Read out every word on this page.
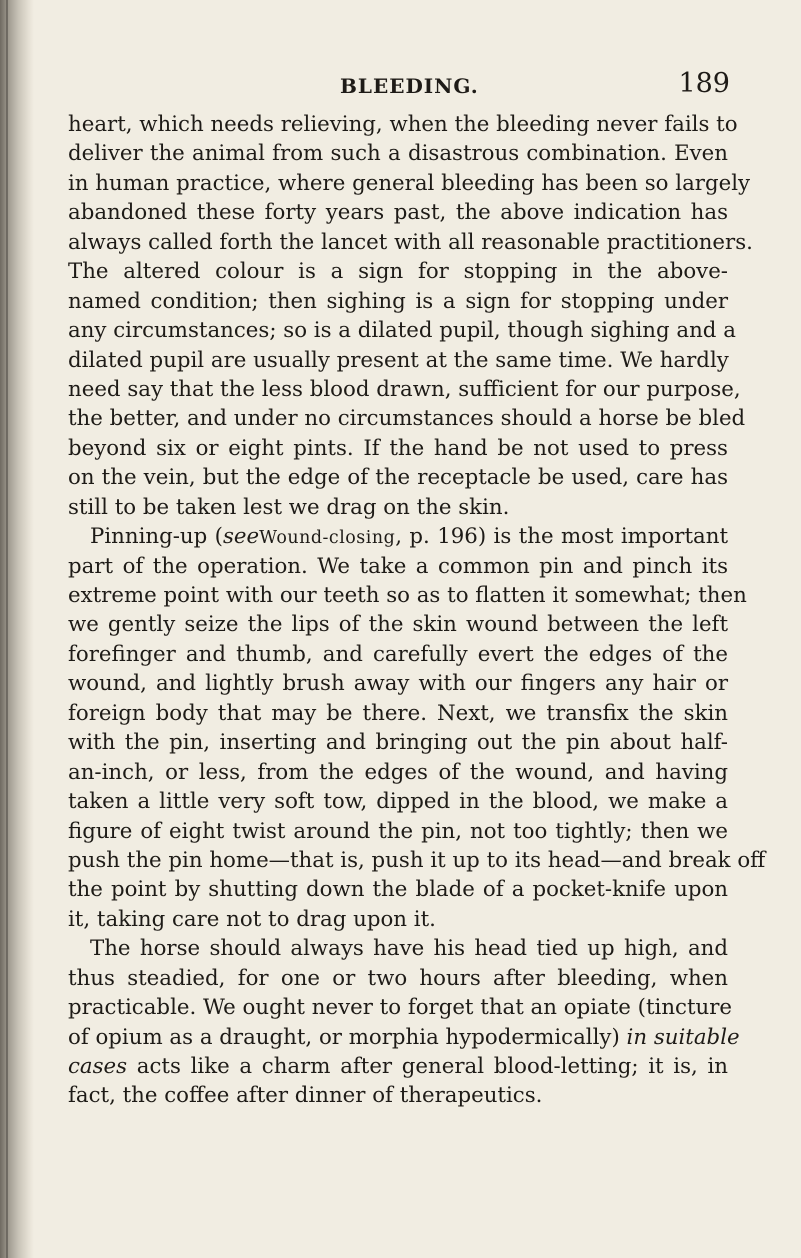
BLEEDING.	189
heart, which needs relieving, when the bleeding never fails to
deliver the animal from such a disastrous combination. Even
in human practice, where general bleeding has been so largely
abandoned these forty years past, the above indication has
always called forth the lancet with all reasonable practitioners.
The altered colour is a sign for stopping in the above-
named condition; then sighing is a sign for stopping under
any circumstances; so is a dilated pupil, though sighing and a
dilated pupil are usually present at the same time. We hardly
need say that the less blood drawn, sufficient for our purpose,
the better, and under no circumstances should a horse be bled
beyond six or eight pints. If the hand be not used to press
on the vein, but the edge of the receptacle be used, care has
still to be taken lest we drag on the skin.
Pinning-up (seeWound-closing, p. 196) is the most important
part of the operation. We take a common pin and pinch its
extreme point with our teeth so as to flatten it somewhat; then
we gently seize the lips of the skin wound between the left
forefinger and thumb, and carefully evert the edges of the
wound, and lightly brush away with our fingers any hair or
foreign body that may be there. Next, we transfix the skin
with the pin, inserting and bringing out the pin about half-
an-inch, or less, from the edges of the wound, and having
taken a little very soft tow, dipped in the blood, we make a
figure of eight twist around the pin, not too tightly; then we
push the pin home—that is, push it up to its head—and break off
the point by shutting down the blade of a pocket-knife upon
it, taking care not to drag upon it.
The horse should always have his head tied up high, and
thus steadied, for one or two hours after bleeding, when
practicable. We ought never to forget that an opiate (tincture
of opium as a draught, or morphia hypodermically) in suitable
cases acts like a charm after general blood-letting; it is, in
fact, the coffee after dinner of therapeutics.
